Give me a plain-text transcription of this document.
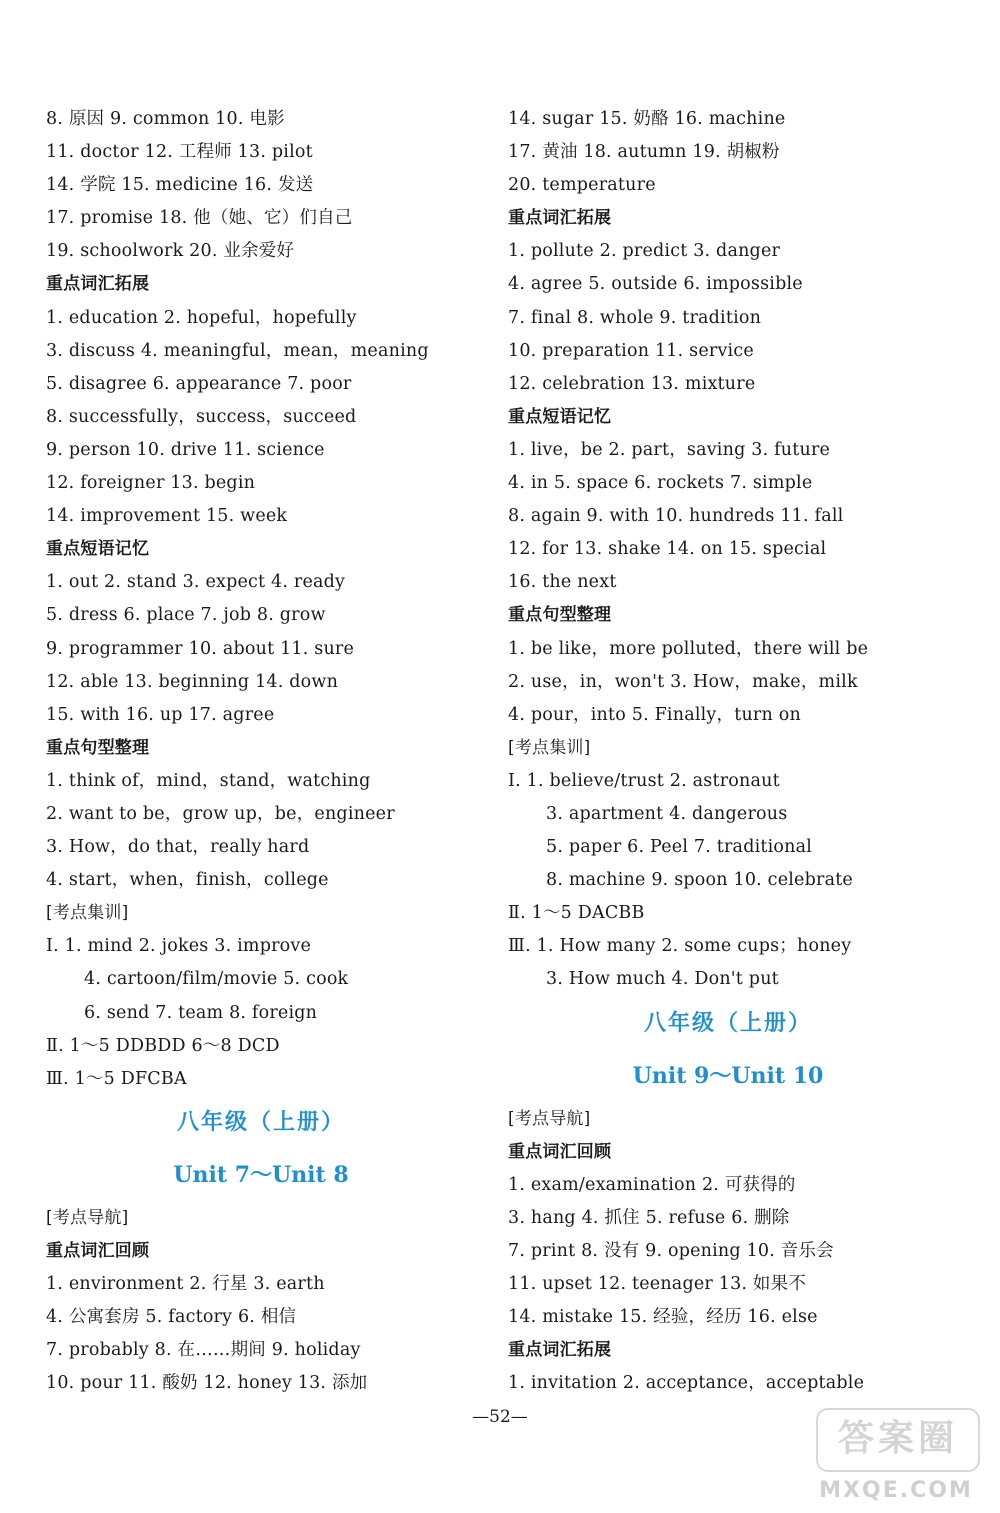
8. 原因 9. common 10. 电影
11. doctor 12. 工程师 13. pilot
14. 学院 15. medicine 16. 发送
17. promise 18. 他（她、它）们自己
19. schoolwork 20. 业余爱好
重点词汇拓展
1. education 2. hopeful，hopefully
3. discuss 4. meaningful，mean，meaning
5. disagree 6. appearance 7. poor
8. successfully，success，succeed
9. person 10. drive 11. science
12. foreigner 13. begin
14. improvement 15. week
重点短语记忆
1. out 2. stand 3. expect 4. ready
5. dress 6. place 7. job 8. grow
9. programmer 10. about 11. sure
12. able 13. beginning 14. down
15. with 16. up 17. agree
重点句型整理
1. think of，mind，stand，watching
2. want to be，grow up，be，engineer
3. How，do that，really hard
4. start，when，finish，college
[考点集训]
Ⅰ. 1. mind 2. jokes 3. improve
4. cartoon/film/movie 5. cook
6. send 7. team 8. foreign
Ⅱ. 1～5 DDBDD 6～8 DCD
Ⅲ. 1～5 DFCBA
八年级（上册）
Unit 7～Unit 8
[考点导航]
重点词汇回顾
1. environment 2. 行星 3. earth
4. 公寓套房 5. factory 6. 相信
7. probably 8. 在……期间 9. holiday
10. pour 11. 酸奶 12. honey 13. 添加
14. sugar 15. 奶酪 16. machine
17. 黄油 18. autumn 19. 胡椒粉
20. temperature
重点词汇拓展
1. pollute 2. predict 3. danger
4. agree 5. outside 6. impossible
7. final 8. whole 9. tradition
10. preparation 11. service
12. celebration 13. mixture
重点短语记忆
1. live，be 2. part，saving 3. future
4. in 5. space 6. rockets 7. simple
8. again 9. with 10. hundreds 11. fall
12. for 13. shake 14. on 15. special
16. the next
重点句型整理
1. be like，more polluted，there will be
2. use，in，won't 3. How，make，milk
4. pour，into 5. Finally，turn on
[考点集训]
Ⅰ. 1. believe/trust 2. astronaut
3. apartment 4. dangerous
5. paper 6. Peel 7. traditional
8. machine 9. spoon 10. celebrate
Ⅱ. 1～5 DACBB
Ⅲ. 1. How many 2. some cups；honey
3. How much 4. Don't put
八年级（上册）
Unit 9～Unit 10
[考点导航]
重点词汇回顾
1. exam/examination 2. 可获得的
3. hang 4. 抓住 5. refuse 6. 删除
7. print 8. 没有 9. opening 10. 音乐会
11. upset 12. teenager 13. 如果不
14. mistake 15. 经验，经历 16. else
重点词汇拓展
1. invitation 2. acceptance，acceptable
—52—
答案圈
MXQE.COM
